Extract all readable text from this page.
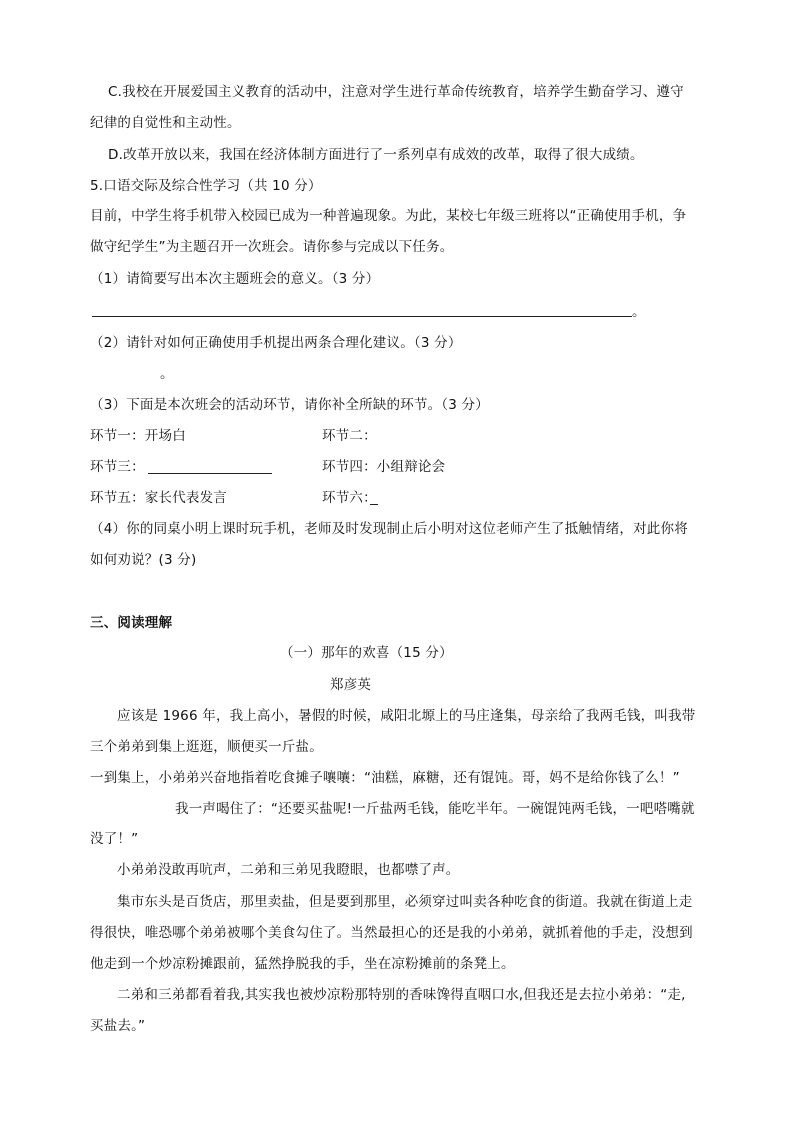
C.我校在开展爱国主义教育的活动中，注意对学生进行革命传统教育，培养学生勤奋学习、遵守
纪律的自觉性和主动性。
D.改革开放以来，我国在经济体制方面进行了一系列卓有成效的改革，取得了很大成绩。
5.口语交际及综合性学习（共 10 分）
目前，中学生将手机带入校园已成为一种普遍现象。为此，某校七年级三班将以“正确使用手机，争
做守纪学生”为主题召开一次班会。请你参与完成以下任务。
（1）请简要写出本次主题班会的意义。（3 分）
。
（2）请针对如何正确使用手机提出两条合理化建议。（3 分）
。
（3）下面是本次班会的活动环节，请你补全所缺的环节。（3 分）
环节一：开场白	环节二：
环节三：	环节四：小组辩论会
环节五：家长代表发言	环节六：
（4）你的同桌小明上课时玩手机，老师及时发现制止后小明对这位老师产生了抵触情绪，对此你将
如何劝说？(3 分)
三、阅读理解
（一）那年的欢喜（15 分）
郑彦英
应该是 1966 年，我上高小，暑假的时候，咸阳北塬上的马庄逢集，母亲给了我两毛钱，叫我带
三个弟弟到集上逛逛，顺便买一斤盐。
一到集上，小弟弟兴奋地指着吃食摊子嚷嚷：“油糕，麻糖，还有馄饨。哥，妈不是给你钱了么！”
我一声喝住了：“还要买盐呢!一斤盐两毛钱，能吃半年。一碗馄饨两毛钱，一吧嗒嘴就
没了！”
小弟弟没敢再吭声，二弟和三弟见我瞪眼，也都噤了声。
集市东头是百货店，那里卖盐，但是要到那里，必须穿过叫卖各种吃食的街道。我就在街道上走
得很快，唯恐哪个弟弟被哪个美食勾住了。当然最担心的还是我的小弟弟，就抓着他的手走，没想到
他走到一个炒凉粉摊跟前，猛然挣脱我的手，坐在凉粉摊前的条凳上。
二弟和三弟都看着我,其实我也被炒凉粉那特别的香味馋得直咽口水,但我还是去拉小弟弟：“走,
买盐去。”
